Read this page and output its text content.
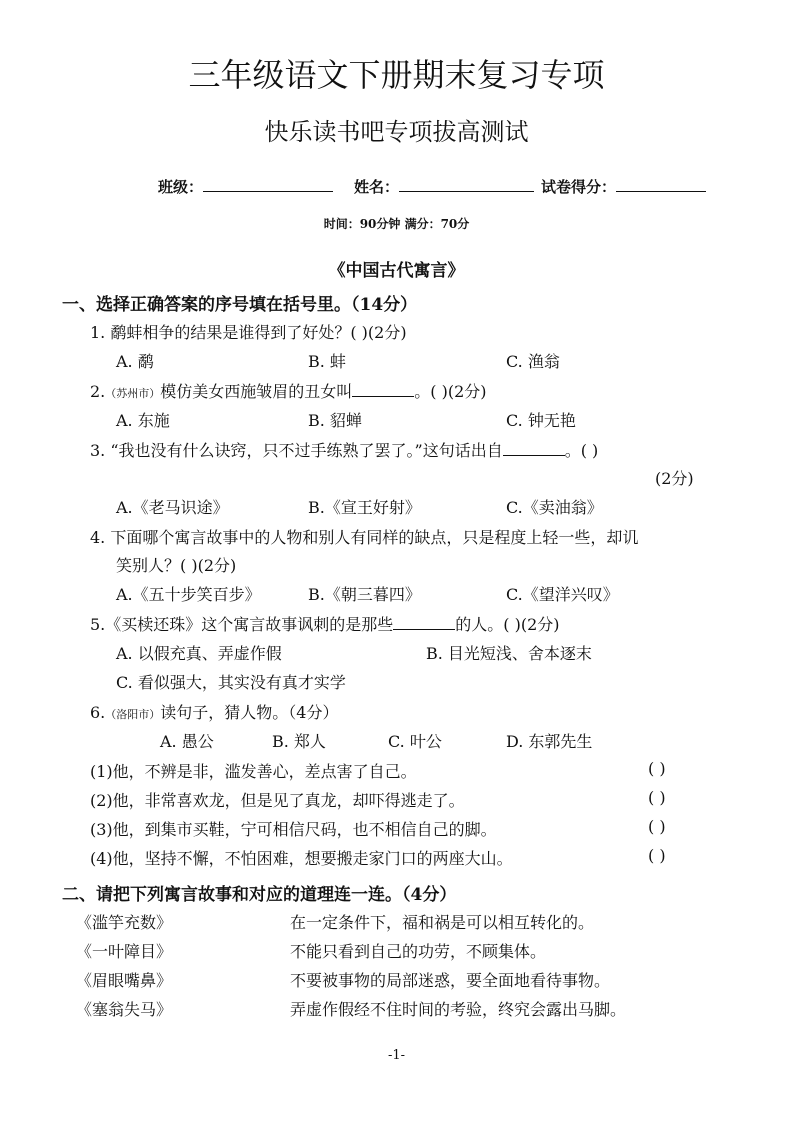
三年级语文下册期末复习专项
快乐读书吧专项拔高测试
班级：	姓名：	试卷得分：
时间：90分钟 满分：70分
《中国古代寓言》
一、选择正确答案的序号填在括号里。（14分）
1. 鹬蚌相争的结果是谁得到了好处？( )(2分)
A. 鹬	B. 蚌	C. 渔翁
2.（苏州市）模仿美女西施皱眉的丑女叫	。( )(2分)
A. 东施	B. 貂蝉	C. 钟无艳
3. “我也没有什么诀窍，只不过手练熟了罢了。”这句话出自	。( )
(2分)
A.《老马识途》	B.《宣王好射》	C.《卖油翁》
4. 下面哪个寓言故事中的人物和别人有同样的缺点，只是程度上轻一些，却讥
笑别人？( )(2分)
A.《五十步笑百步》	B.《朝三暮四》	C.《望洋兴叹》
5.《买椟还珠》这个寓言故事讽刺的是那些	的人。( )(2分)
A. 以假充真、弄虚作假	B. 目光短浅、舍本逐末
C. 看似强大，其实没有真才实学
6.（洛阳市）读句子，猜人物。（4分）
A. 愚公	B. 郑人	C. 叶公	D. 东郭先生
(1)他，不辨是非，滥发善心，差点害了自己。	( )
(2)他，非常喜欢龙，但是见了真龙，却吓得逃走了。	( )
(3)他，到集市买鞋，宁可相信尺码，也不相信自己的脚。	( )
(4)他，坚持不懈，不怕困难，想要搬走家门口的两座大山。	( )
二、请把下列寓言故事和对应的道理连一连。（4分）
《滥竽充数》	在一定条件下，福和祸是可以相互转化的。
《一叶障目》	不能只看到自己的功劳，不顾集体。
《眉眼嘴鼻》	不要被事物的局部迷惑，要全面地看待事物。
《塞翁失马》	弄虚作假经不住时间的考验，终究会露出马脚。
-1-
